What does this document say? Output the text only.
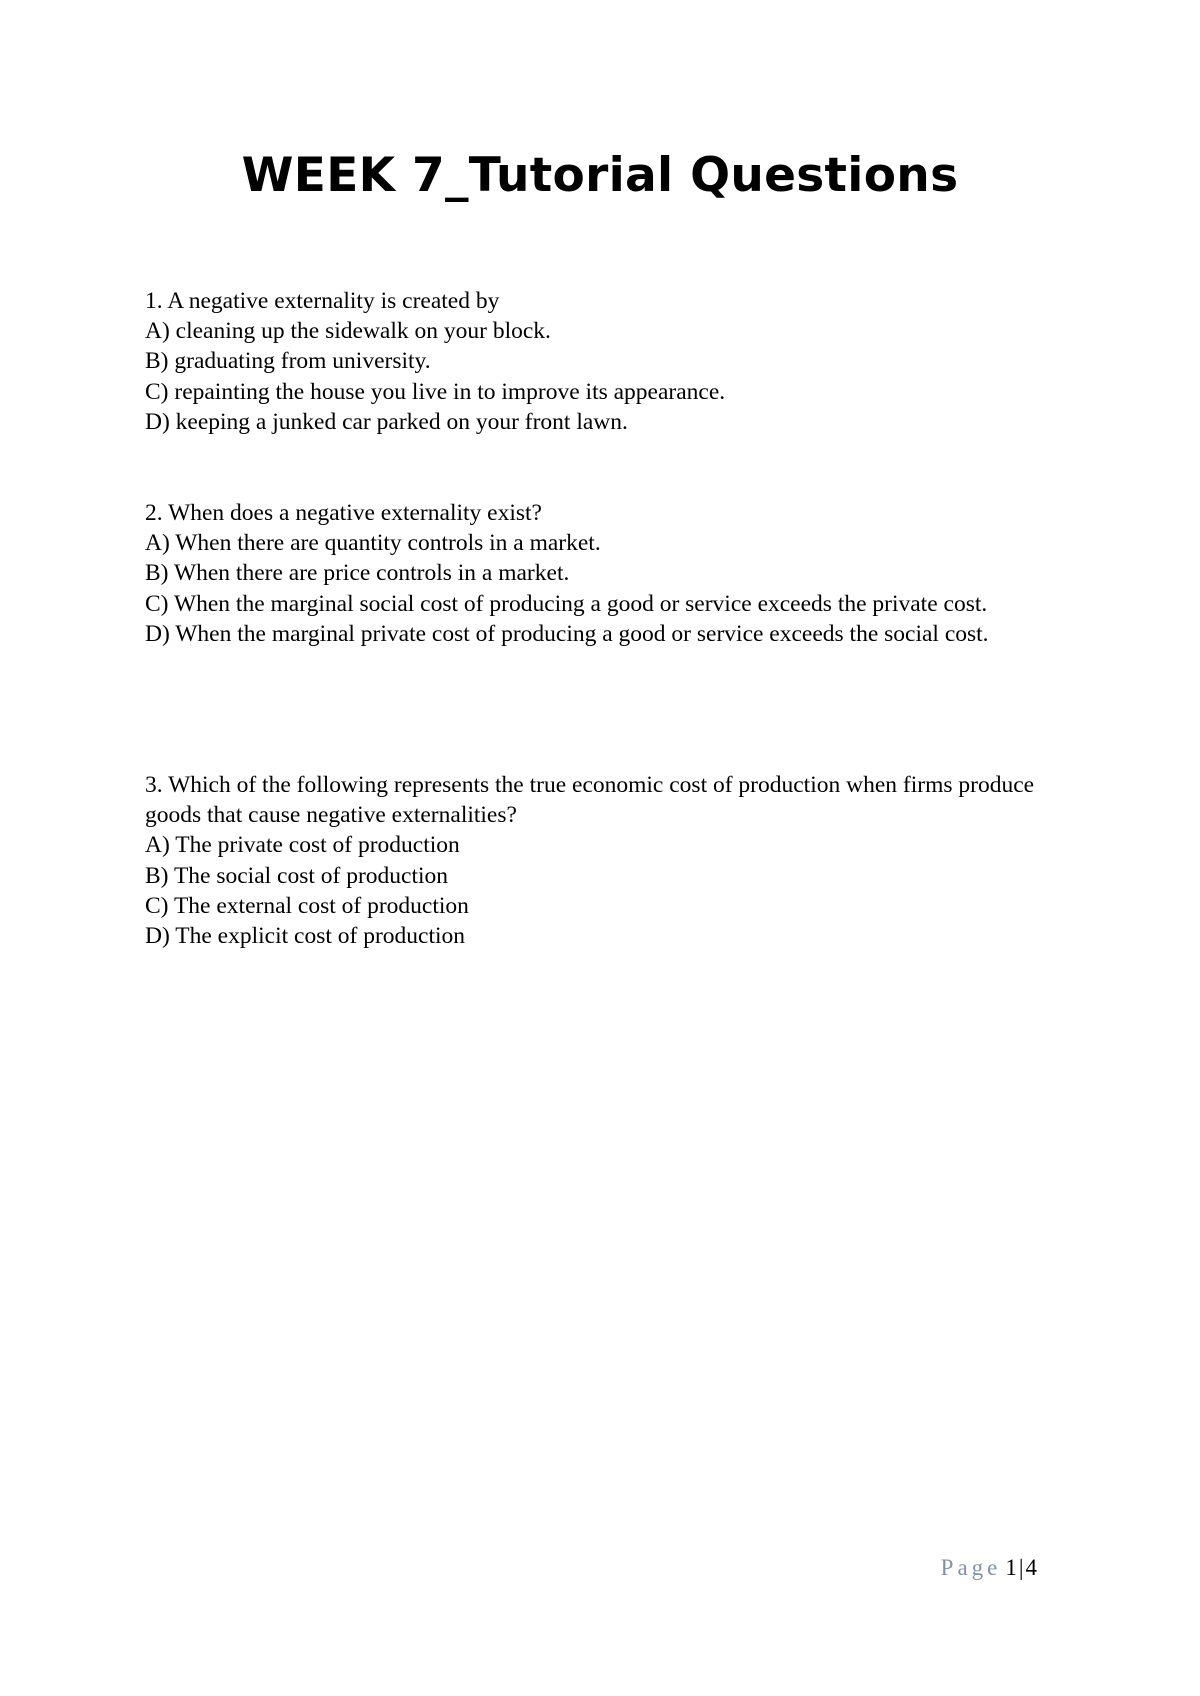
WEEK 7_Tutorial Questions
1. A negative externality is created by
A) cleaning up the sidewalk on your block.
B) graduating from university.
C) repainting the house you live in to improve its appearance.
D) keeping a junked car parked on your front lawn.
2. When does a negative externality exist?
A) When there are quantity controls in a market.
B) When there are price controls in a market.
C) When the marginal social cost of producing a good or service exceeds the private cost.
D) When the marginal private cost of producing a good or service exceeds the social cost.
3. Which of the following represents the true economic cost of production when firms produce goods that cause negative externalities?
A) The private cost of production
B) The social cost of production
C) The external cost of production
D) The explicit cost of production
Page 1|4
